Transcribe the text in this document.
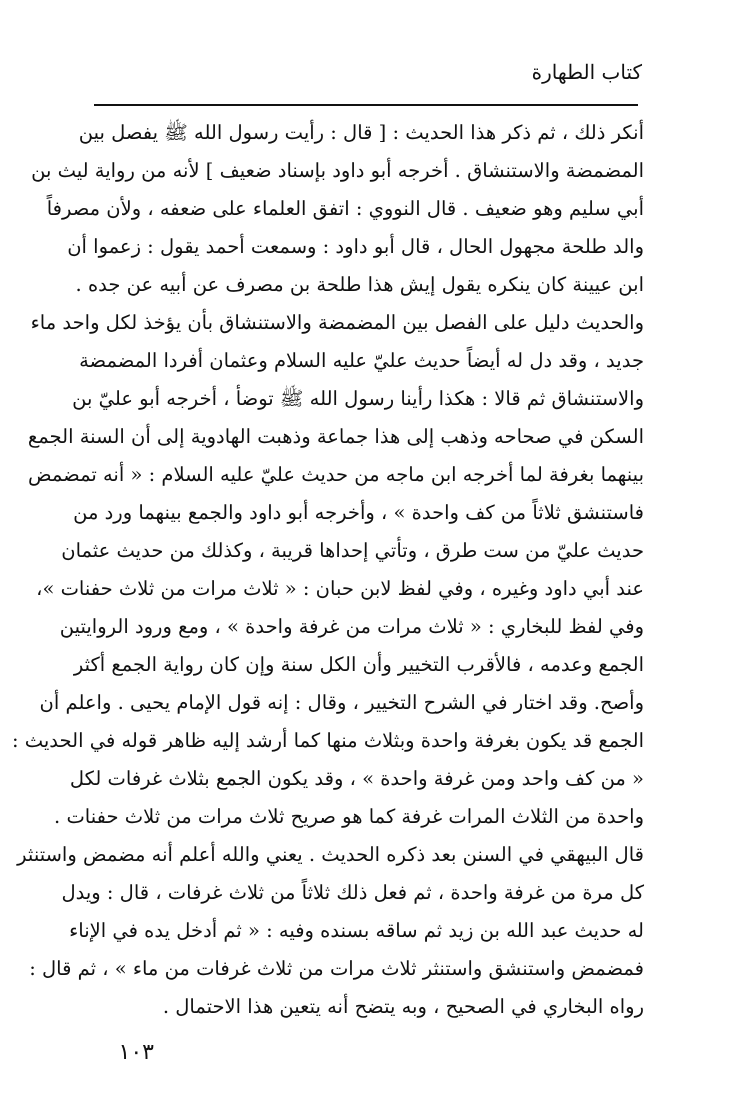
كتاب الطهارة
أنكر ذلك ، ثم ذكر هذا الحديث : [ قال : رأيت رسول الله ﷺ يفصل بين
المضمضة والاستنشاق . أخرجه أبو داود بإسناد ضعيف ] لأنه من رواية ليث بن
أبي سليم وهو ضعيف . قال النووي : اتفق العلماء على ضعفه ، ولأن مصرفاً
والد طلحة مجهول الحال ، قال أبو داود : وسمعت أحمد يقول : زعموا أن
ابن عيينة كان ينكره يقول إيش هذا طلحة بن مصرف عن أبيه عن جده .
والحديث دليل على الفصل بين المضمضة والاستنشاق بأن يؤخذ لكل واحد ماء
جديد ، وقد دل له أيضاً حديث عليّ عليه السلام وعثمان أفردا المضمضة
والاستنشاق ثم قالا : هكذا رأينا رسول الله ﷺ توضأ ، أخرجه أبو عليّ بن
السكن في صحاحه وذهب إلى هذا جماعة وذهبت الهادوية إلى أن السنة الجمع
بينهما بغرفة لما أخرجه ابن ماجه من حديث عليّ عليه السلام : « أنه تمضمض
فاستنشق ثلاثاً من كف واحدة » ، وأخرجه أبو داود والجمع بينهما ورد من
حديث عليّ من ست طرق ، وتأتي إحداها قريبة ، وكذلك من حديث عثمان
عند أبي داود وغيره ، وفي لفظ لابن حبان : « ثلاث مرات من ثلاث حفنات »،
وفي لفظ للبخاري : « ثلاث مرات من غرفة واحدة » ، ومع ورود الروايتين
الجمع وعدمه ، فالأقرب التخيير وأن الكل سنة وإن كان رواية الجمع أكثر
وأصح. وقد اختار في الشرح التخيير ، وقال : إنه قول الإمام يحيى . واعلم أن
الجمع قد يكون بغرفة واحدة وبثلاث منها كما أرشد إليه ظاهر قوله في الحديث :
« من كف واحد ومن غرفة واحدة » ، وقد يكون الجمع بثلاث غرفات لكل
واحدة من الثلاث المرات غرفة كما هو صريح ثلاث مرات من ثلاث حفنات .
قال البيهقي في السنن بعد ذكره الحديث . يعني والله أعلم أنه مضمض واستنثر
كل مرة من غرفة واحدة ، ثم فعل ذلك ثلاثاً من ثلاث غرفات ، قال : ويدل
له حديث عبد الله بن زيد ثم ساقه بسنده وفيه : « ثم أدخل يده في الإناء
فمضمض واستنشق واستنثر ثلاث مرات من ثلاث غرفات من ماء » ، ثم قال :
رواه البخاري في الصحيح ، وبه يتضح أنه يتعين هذا الاحتمال .
١٠٣
